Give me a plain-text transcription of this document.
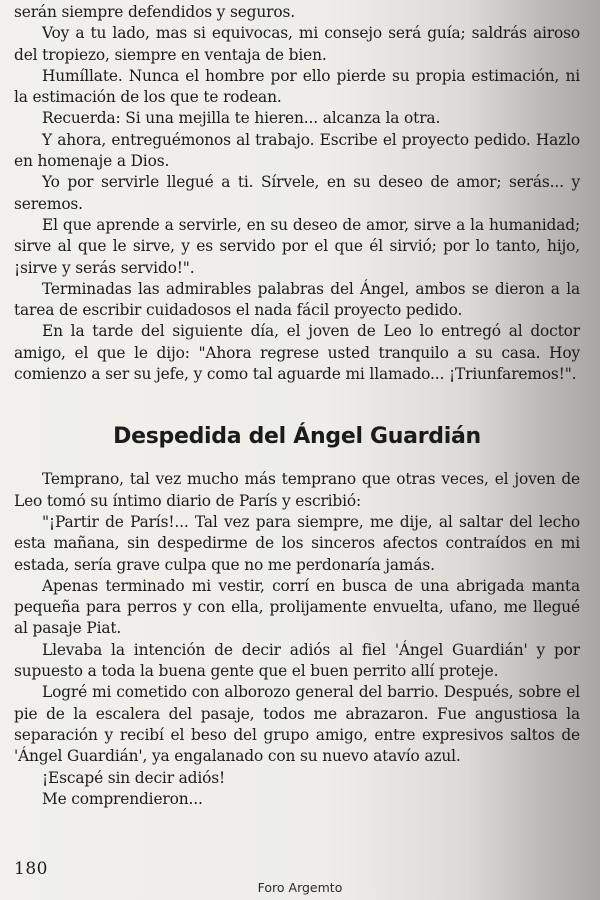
serán siempre defendidos y seguros.

Voy a tu lado, mas si equivocas, mi consejo será guía; saldrás airoso del tropiezo, siempre en ventaja de bien.

Humíllate. Nunca el hombre por ello pierde su propia estimación, ni la estimación de los que te rodean.

Recuerda: Si una mejilla te hieren... alcanza la otra.

Y ahora, entreguémonos al trabajo. Escribe el proyecto pedido. Hazlo en homenaje a Dios.

Yo por servirle llegué a ti. Sírvele, en su deseo de amor; serás... y seremos.

El que aprende a servirle, en su deseo de amor, sirve a la humanidad; sirve al que le sirve, y es servido por el que él sirvió; por lo tanto, hijo, ¡sirve y serás servido!".

Terminadas las admirables palabras del Ángel, ambos se dieron a la tarea de escribir cuidadosos el nada fácil proyecto pedido.

En la tarde del siguiente día, el joven de Leo lo entregó al doctor amigo, el que le dijo: "Ahora regrese usted tranquilo a su casa. Hoy comienzo a ser su jefe, y como tal aguarde mi llamado... ¡Triunfaremos!".

Despedida del Ángel Guardián

Temprano, tal vez mucho más temprano que otras veces, el joven de Leo tomó su íntimo diario de París y escribió:

"¡Partir de París!... Tal vez para siempre, me dije, al saltar del lecho esta mañana, sin despedirme de los sinceros afectos contraídos en mi estada, sería grave culpa que no me perdonaría jamás.

Apenas terminado mi vestir, corrí en busca de una abrigada manta pequeña para perros y con ella, prolijamente envuelta, ufano, me llegué al pasaje Piat.

Llevaba la intención de decir adiós al fiel 'Ángel Guardián' y por supuesto a toda la buena gente que el buen perrito allí proteje.

Logré mi cometido con alborozo general del barrio. Después, sobre el pie de la escalera del pasaje, todos me abrazaron. Fue angustiosa la separación y recibí el beso del grupo amigo, entre expresivos saltos de 'Ángel Guardián', ya engalanado con su nuevo atavío azul.

¡Escapé sin decir adiós!

Me comprendieron...

180
Foro Argemto
